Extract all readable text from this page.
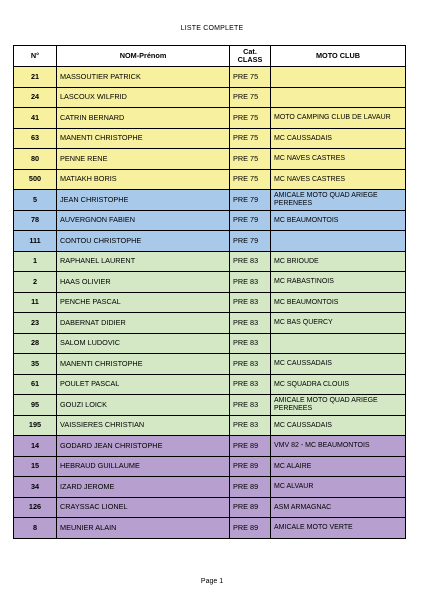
LISTE COMPLETE
N°	NOM-Prénom	Cat. CLASS	MOTO CLUB
21	MASSOUTIER PATRICK	PRE 75	
24	LASCOUX WILFRID	PRE 75	
41	CATRIN BERNARD	PRE 75	MOTO CAMPING CLUB DE LAVAUR
63	MANENTI CHRISTOPHE	PRE 75	MC CAUSSADAIS
80	PENNE RENE	PRE 75	MC NAVES CASTRES
500	MATIAKH BORIS	PRE 75	MC NAVES CASTRES
5	JEAN CHRISTOPHE	PRE 79	AMICALE MOTO QUAD ARIEGE PERENEES
78	AUVERGNON FABIEN	PRE 79	MC BEAUMONTOIS
111	CONTOU CHRISTOPHE	PRE 79	
1	RAPHANEL LAURENT	PRE 83	MC BRIOUDE
2	HAAS OLIVIER	PRE 83	MC RABASTINOIS
11	PENCHE PASCAL	PRE 83	MC BEAUMONTOIS
23	DABERNAT DIDIER	PRE 83	MC BAS QUERCY
28	SALOM LUDOVIC	PRE 83	
35	MANENTI CHRISTOPHE	PRE 83	MC CAUSSADAIS
61	POULET PASCAL	PRE 83	MC SQUADRA CLOUIS
95	GOUZI LOICK	PRE 83	AMICALE MOTO QUAD ARIEGE PERENEES
195	VAISSIERES CHRISTIAN	PRE 83	MC CAUSSADAIS
14	GODARD JEAN CHRISTOPHE	PRE 89	VMV 82 - MC BEAUMONTOIS
15	HEBRAUD GUILLAUME	PRE 89	MC ALAIRE
34	IZARD JEROME	PRE 89	MC ALVAUR
126	CRAYSSAC LIONEL	PRE 89	ASM ARMAGNAC
8	MEUNIER ALAIN	PRE 89	AMICALE MOTO VERTE
Page 1
